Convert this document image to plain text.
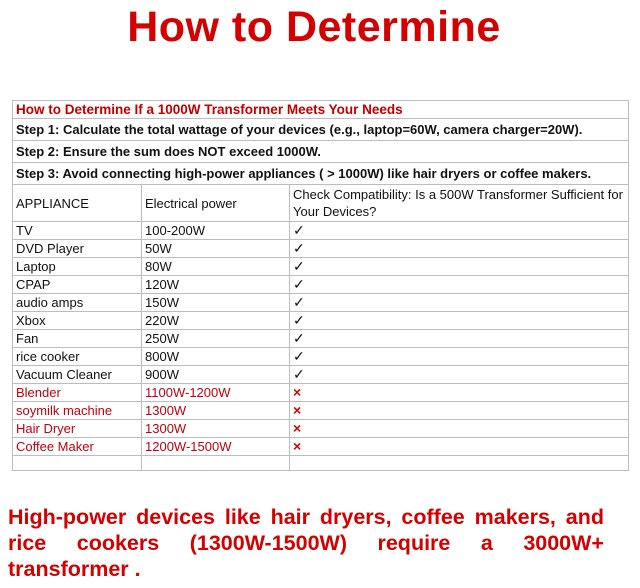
How to Determine
How to Determine If a 1000W Transformer Meets Your Needs		
Step 1: Calculate the total wattage of your devices (e.g., laptop=60W, camera charger=20W).		
Step 2: Ensure the sum does NOT exceed 1000W.		
Step 3: Avoid connecting high-power appliances ( > 1000W) like hair dryers or coffee makers.		
APPLIANCE	Electrical power	Check Compatibility: Is a 500W Transformer Sufficient for Your Devices?
TV	100-200W	✓
DVD Player	50W	✓
Laptop	80W	✓
CPAP	120W	✓
audio amps	150W	✓
Xbox	220W	✓
Fan	250W	✓
rice cooker	800W	✓
Vacuum Cleaner	900W	✓
Blender	1100W-1200W	×
soymilk machine	1300W	×
Hair Dryer	1300W	×
Coffee Maker	1200W-1500W	×

High-power devices like hair dryers, coffee makers, and rice cookers (1300W-1500W) require a 3000W+ transformer .
